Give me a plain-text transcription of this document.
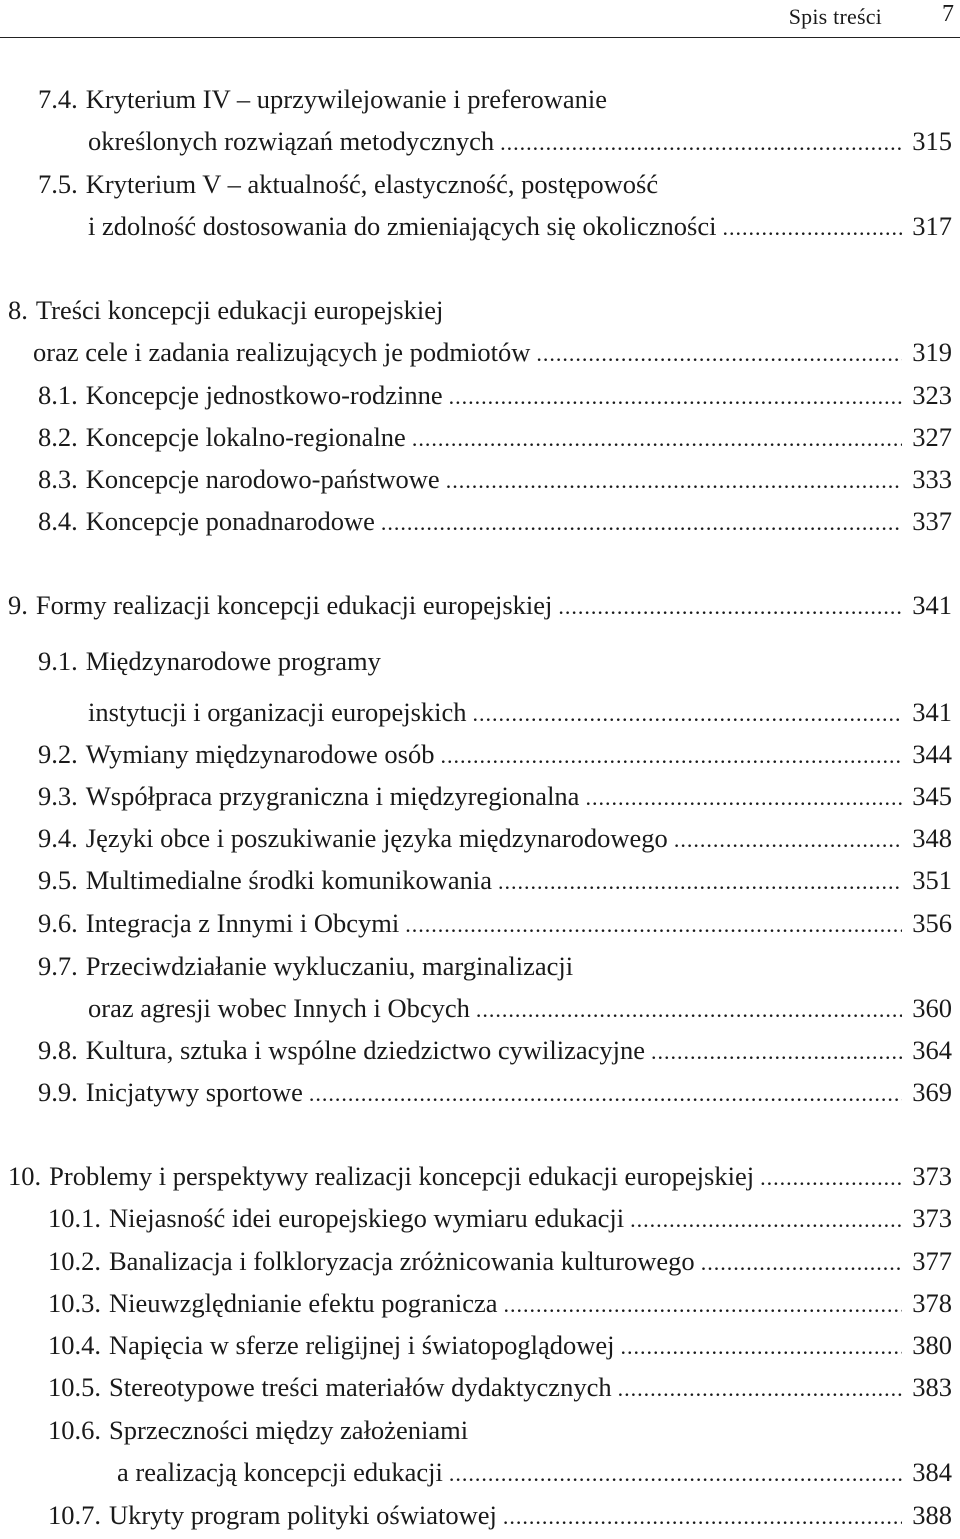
Spis treści	7
7.4. Kryterium IV – uprzywilejowanie i preferowanie
określonych rozwiązań metodycznych .....	315
7.5. Kryterium V – aktualność, elastyczność, postępowość
i zdolność dostosowania do zmieniających się okoliczności .....	317
8. Treści koncepcji edukacji europejskiej
oraz cele i zadania realizujących je podmiotów .....	319
8.1. Koncepcje jednostkowo-rodzinne .....	323
8.2. Koncepcje lokalno-regionalne .....	327
8.3. Koncepcje narodowo-państwowe .....	333
8.4. Koncepcje ponadnarodowe .....	337
9. Formy realizacji koncepcji edukacji europejskiej .....	341
9.1. Międzynarodowe programy
instytucji i organizacji europejskich .....	341
9.2. Wymiany międzynarodowe osób .....	344
9.3. Współpraca przygraniczna i międzyregionalna .....	345
9.4. Języki obce i poszukiwanie języka międzynarodowego .....	348
9.5. Multimedialne środki komunikowania .....	351
9.6. Integracja z Innymi i Obcymi .....	356
9.7. Przeciwdziałanie wykluczaniu, marginalizacji
oraz agresji wobec Innych i Obcych .....	360
9.8. Kultura, sztuka i wspólne dziedzictwo cywilizacyjne .....	364
9.9. Inicjatywy sportowe .....	369
10. Problemy i perspektywy realizacji koncepcji edukacji europejskiej .....	373
10.1. Niejasność idei europejskiego wymiaru edukacji .....	373
10.2. Banalizacja i folkloryzacja zróżnicowania kulturowego .....	377
10.3. Nieuwzględnianie efektu pogranicza .....	378
10.4. Napięcia w sferze religijnej i światopoglądowej .....	380
10.5. Stereotypowe treści materiałów dydaktycznych .....	383
10.6. Sprzeczności między założeniami
a realizacją koncepcji edukacji .....	384
10.7. Ukryty program polityki oświatowej .....	388
